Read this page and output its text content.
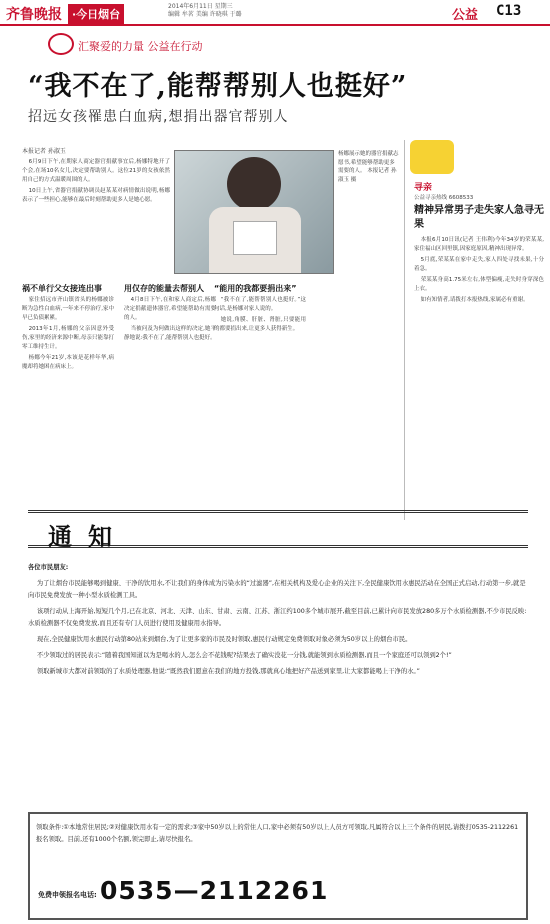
齐鲁晚报 ·今日烟台
2014年6月11日 星期三
编辑 牟茗 美编 许晓琪 于璐	公益 C13
汇聚爱的力量 公益在行动
“我不在了,能帮帮别人也挺好”
招远女孩罹患白血病,想捐出器官帮别人
本报记者 孙淑玉

6月9日下午,在期家人商定器官捐献事宜后,杨娜特地开了个会,在场10名女儿,决定要帮助别人。这位21岁的女孩依然用自己的方式温暖周围的人。

10日上午,省器官捐献协调员赵某某对病情做出说明,杨娜表示了一些担心,能够在最后时刻帮助更多人是她心愿。

杨娜展示她的器官捐献志愿书,希望能够帮助更多需要的人。 本报记者 孙淑玉 摄
祸不单行父女接连出事

家住招远市齐山镇省头的杨娜被诊断为急性白血病,一年来不停治疗,家中早已负债累累。

2013年1月,杨娜的父亲因意外受伤,家里的经济来源中断,母亲只能靠打零工维持生计。

杨娜今年21岁,本该是花样年华,病魔却将她困在病床上。

用仅存的能量去帮别人

4月8日下午,在和家人商定后,杨娜决定捐献遗体器官,希望能帮助有需要的人。

当被问及为何做出这样的决定,她平静地说:我不在了,能帮帮别人也挺好。

“能用的我都要捐出来”

“我不在了,能帮帮别人也挺好。”这句话,是杨娜对家人说的。

她说,角膜、肝脏、肾脏,只要能用的都要捐出来,让更多人获得新生。

寻亲
公益寻亲热线 6608533
精神异常男子走失家人急寻无果

本报6月10日讯(记者 王伟利)今年34岁的荣某某,家住福山区回里镇,因家庭原因,精神出现异常。

5月底,荣某某在家中走失,家人四处寻找未果,十分着急。

荣某某身高1.75米左右,体型偏瘦,走失时身穿深色上衣。

如有知情者,请拨打本报热线,家属必有重谢。

通知
各位市民朋友:

为了让烟台市民能够喝到健康、干净的饮用水,不让我们的身体成为污染水的“过滤器”,在相关机构及爱心企业的关注下,全民健康饮用水惠民活动在全国正式启动,行动第一步,就是向市民免费发放一种小型水质检测工具。

该项行动从上海开始,短短几个月,已在北京、河北、天津、山东、甘肃、云南、江苏、浙江约100多个城市展开,截至目前,已累计向市民发放280多万个水质检测器,不少市民反映:水质检测器不仅免费发放,而且还有专门人员进行使用及健康用水指导。

现在,全民健康饮用水惠民行动第80站来到烟台,为了让更多家的市民及时领取,惠民行动规定免费领取对象必须为50岁以上的烟台市民。

不少领取过的居民表示:“随着我国知道以为是喝水的人,怎么会不花钱呢?结果去了确实没花一分钱,就能领到水质检测器,而且一个家庭还可以领到2个!”

领取新城市大都对前领取的了水质处理器,他说:“既然我们愿意在我们的地方投钱,那就真心地把好产品送到家里,让大家都能喝上干净的水。”

领取条件:①本地常住居民;②对健康饮用水有一定的需求;③家中50岁以上的常住人口,家中必须有50岁以上人员方可领取,凡属符合以上三个条件的居民,请拨打0535-2112261报名领取。目前,还有1000个名额,领完即止,请尽快报名。
免费申领报名电话: 0535—2112261
